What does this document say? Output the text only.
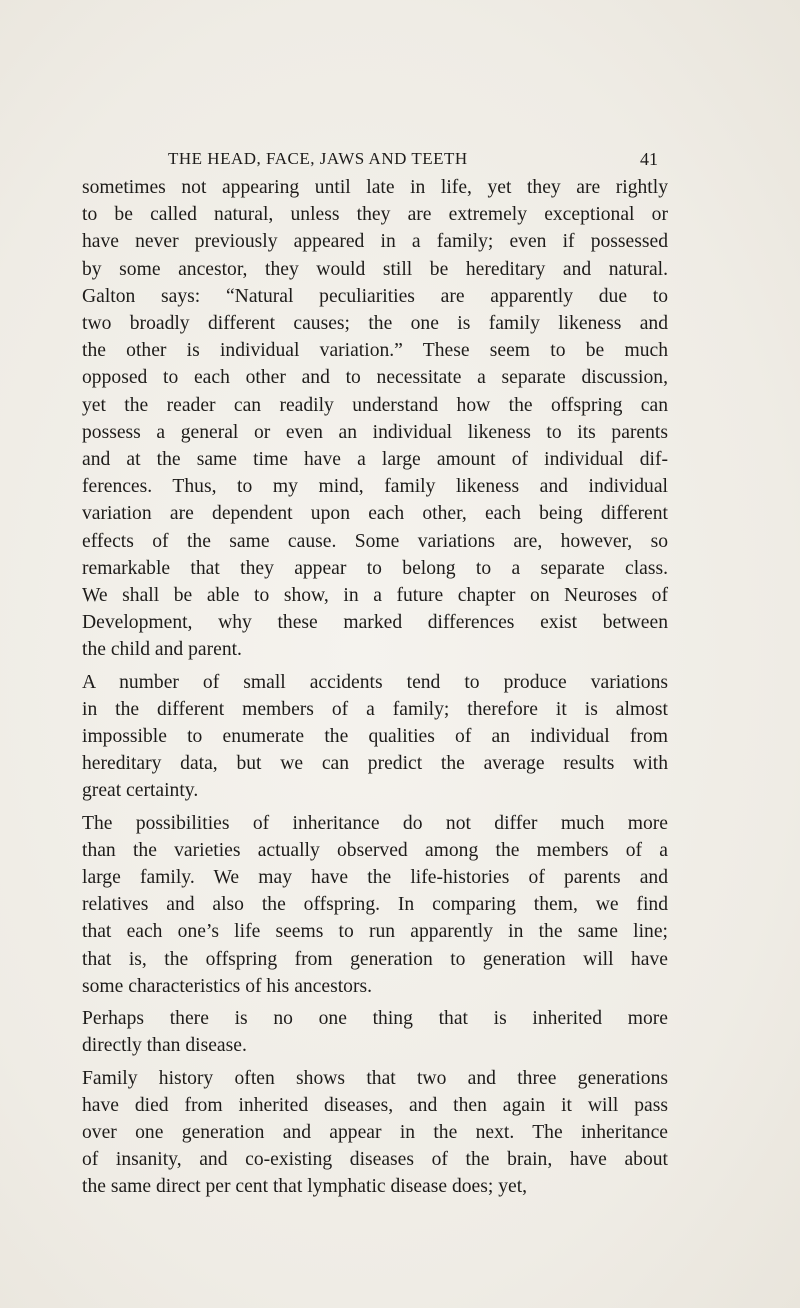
THE HEAD, FACE, JAWS AND TEETH	41

sometimes not appearing until late in life, yet they are rightly
to be called natural, unless they are extremely exceptional or
have never previously appeared in a family; even if possessed
by some ancestor, they would still be hereditary and natural.
Galton says: “Natural peculiarities are apparently due to
two broadly different causes; the one is family likeness and
the other is individual variation.” These seem to be much
opposed to each other and to necessitate a separate discussion,
yet the reader can readily understand how the offspring can
possess a general or even an individual likeness to its parents
and at the same time have a large amount of individual dif-
ferences. Thus, to my mind, family likeness and individual
variation are dependent upon each other, each being different
effects of the same cause. Some variations are, however, so
remarkable that they appear to belong to a separate class.
We shall be able to show, in a future chapter on Neuroses of
Development, why these marked differences exist between
the child and parent.

A number of small accidents tend to produce variations
in the different members of a family; therefore it is almost
impossible to enumerate the qualities of an individual from
hereditary data, but we can predict the average results with
great certainty.

The possibilities of inheritance do not differ much more
than the varieties actually observed among the members of a
large family. We may have the life-histories of parents and
relatives and also the offspring. In comparing them, we find
that each one’s life seems to run apparently in the same line;
that is, the offspring from generation to generation will have
some characteristics of his ancestors.

Perhaps there is no one thing that is inherited more
directly than disease.

Family history often shows that two and three generations
have died from inherited diseases, and then again it will pass
over one generation and appear in the next. The inheritance
of insanity, and co-existing diseases of the brain, have about
the same direct per cent that lymphatic disease does; yet,
